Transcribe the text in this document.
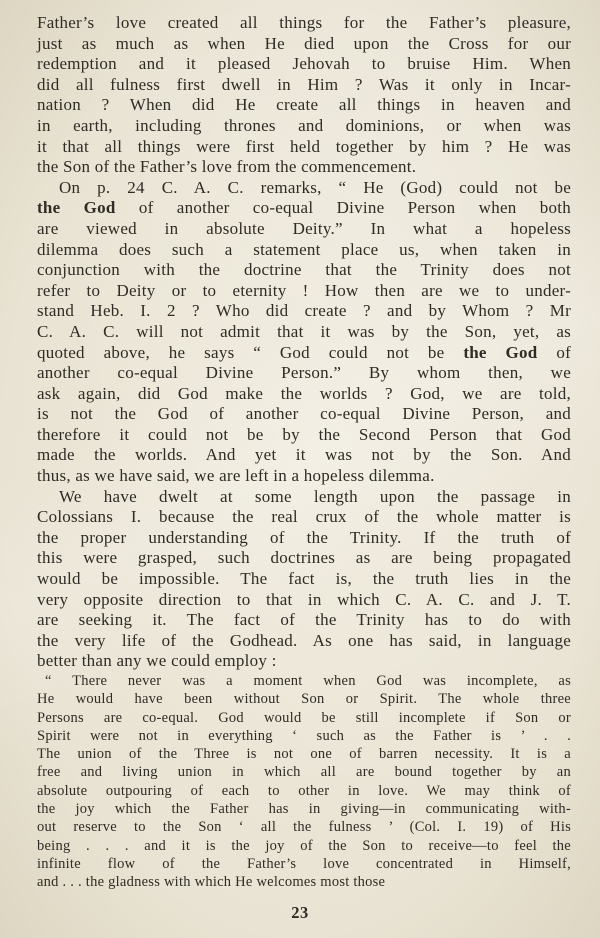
Father’s love created all things for the Father’s pleasure,
just as much as when He died upon the Cross for our
redemption and it pleased Jehovah to bruise Him. When
did all fulness first dwell in Him ? Was it only in Incar-
nation ? When did He create all things in heaven and
in earth, including thrones and dominions, or when was
it that all things were first held together by him ? He was
the Son of the Father’s love from the commencement.

On p. 24 C. A. C. remarks, “ He (God) could not be
the God of another co-equal Divine Person when both
are viewed in absolute Deity.” In what a hopeless
dilemma does such a statement place us, when taken in
conjunction with the doctrine that the Trinity does not
refer to Deity or to eternity ! How then are we to under-
stand Heb. I. 2 ? Who did create ? and by Whom ? Mr
C. A. C. will not admit that it was by the Son, yet, as
quoted above, he says “ God could not be the God of
another co-equal Divine Person.” By whom then, we
ask again, did God make the worlds ? God, we are told,
is not the God of another co-equal Divine Person, and
therefore it could not be by the Second Person that God
made the worlds. And yet it was not by the Son. And
thus, as we have said, we are left in a hopeless dilemma.

We have dwelt at some length upon the passage in
Colossians I. because the real crux of the whole matter is
the proper understanding of the Trinity. If the truth of
this were grasped, such doctrines as are being propagated
would be impossible. The fact is, the truth lies in the
very opposite direction to that in which C. A. C. and J. T.
are seeking it. The fact of the Trinity has to do with
the very life of the Godhead. As one has said, in language
better than any we could employ :

“ There never was a moment when God was incomplete, as
He would have been without Son or Spirit. The whole three
Persons are co-equal. God would be still incomplete if Son or
Spirit were not in everything ‘ such as the Father is ’ . .
The union of the Three is not one of barren necessity. It is a
free and living union in which all are bound together by an
absolute outpouring of each to other in love. We may think of
the joy which the Father has in giving—in communicating with-
out reserve to the Son ‘ all the fulness ’ (Col. I. 19) of His
being . . . and it is the joy of the Son to receive—to feel the
infinite flow of the Father’s love concentrated in Himself,
and . . . the gladness with which He welcomes most those

23
